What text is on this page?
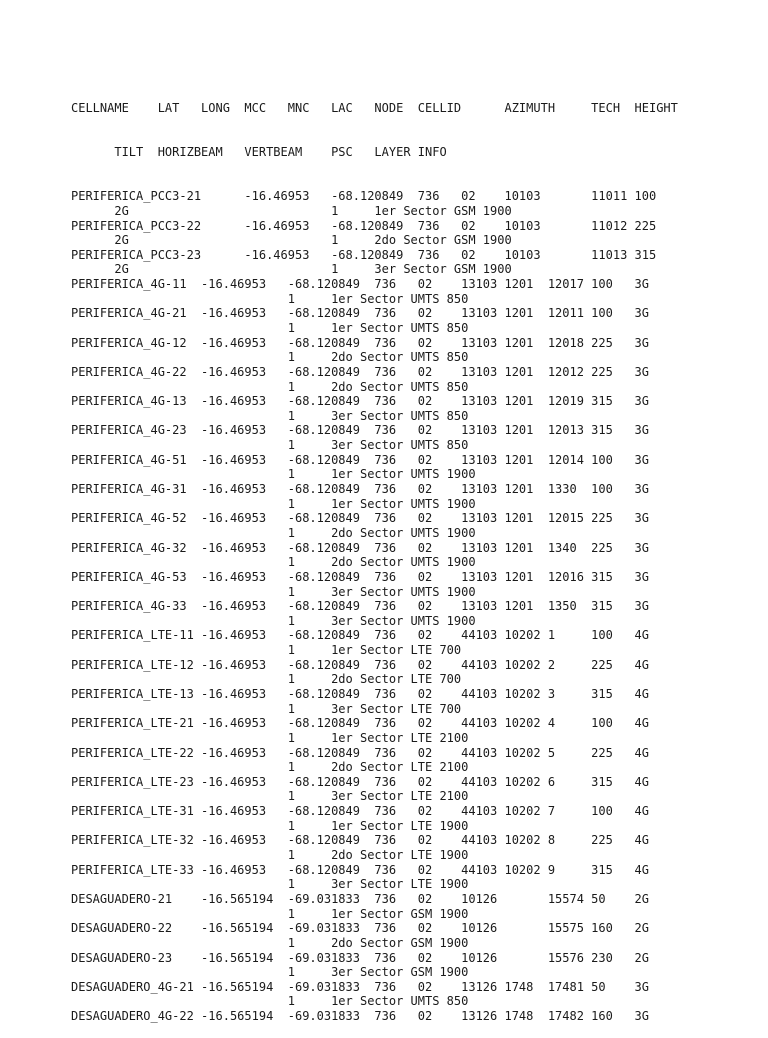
CELLNAME    LAT   LONG  MCC   MNC   LAC   NODE  CELLID      AZIMUTH     TECH  HEIGHT

TILT  HORIZBEAM   VERTBEAM    PSC   LAYER INFO

PERIFERICA_PCC3-21      -16.46953   -68.120849  736   02    10103       11011 100
2G                            1     1er Sector GSM 1900
PERIFERICA_PCC3-22      -16.46953   -68.120849  736   02    10103       11012 225
2G                            1     2do Sector GSM 1900
PERIFERICA_PCC3-23      -16.46953   -68.120849  736   02    10103       11013 315
2G                            1     3er Sector GSM 1900
PERIFERICA_4G-11  -16.46953   -68.120849  736   02    13103 1201  12017 100   3G
1     1er Sector UMTS 850
PERIFERICA_4G-21  -16.46953   -68.120849  736   02    13103 1201  12011 100   3G
1     1er Sector UMTS 850
PERIFERICA_4G-12  -16.46953   -68.120849  736   02    13103 1201  12018 225   3G
1     2do Sector UMTS 850
PERIFERICA_4G-22  -16.46953   -68.120849  736   02    13103 1201  12012 225   3G
1     2do Sector UMTS 850
PERIFERICA_4G-13  -16.46953   -68.120849  736   02    13103 1201  12019 315   3G
1     3er Sector UMTS 850
PERIFERICA_4G-23  -16.46953   -68.120849  736   02    13103 1201  12013 315   3G
1     3er Sector UMTS 850
PERIFERICA_4G-51  -16.46953   -68.120849  736   02    13103 1201  12014 100   3G
1     1er Sector UMTS 1900
PERIFERICA_4G-31  -16.46953   -68.120849  736   02    13103 1201  1330  100   3G
1     1er Sector UMTS 1900
PERIFERICA_4G-52  -16.46953   -68.120849  736   02    13103 1201  12015 225   3G
1     2do Sector UMTS 1900
PERIFERICA_4G-32  -16.46953   -68.120849  736   02    13103 1201  1340  225   3G
1     2do Sector UMTS 1900
PERIFERICA_4G-53  -16.46953   -68.120849  736   02    13103 1201  12016 315   3G
1     3er Sector UMTS 1900
PERIFERICA_4G-33  -16.46953   -68.120849  736   02    13103 1201  1350  315   3G
1     3er Sector UMTS 1900
PERIFERICA_LTE-11 -16.46953   -68.120849  736   02    44103 10202 1     100   4G
1     1er Sector LTE 700
PERIFERICA_LTE-12 -16.46953   -68.120849  736   02    44103 10202 2     225   4G
1     2do Sector LTE 700
PERIFERICA_LTE-13 -16.46953   -68.120849  736   02    44103 10202 3     315   4G
1     3er Sector LTE 700
PERIFERICA_LTE-21 -16.46953   -68.120849  736   02    44103 10202 4     100   4G
1     1er Sector LTE 2100
PERIFERICA_LTE-22 -16.46953   -68.120849  736   02    44103 10202 5     225   4G
1     2do Sector LTE 2100
PERIFERICA_LTE-23 -16.46953   -68.120849  736   02    44103 10202 6     315   4G
1     3er Sector LTE 2100
PERIFERICA_LTE-31 -16.46953   -68.120849  736   02    44103 10202 7     100   4G
1     1er Sector LTE 1900
PERIFERICA_LTE-32 -16.46953   -68.120849  736   02    44103 10202 8     225   4G
1     2do Sector LTE 1900
PERIFERICA_LTE-33 -16.46953   -68.120849  736   02    44103 10202 9     315   4G
1     3er Sector LTE 1900
DESAGUADERO-21    -16.565194  -69.031833  736   02    10126       15574 50    2G
1     1er Sector GSM 1900
DESAGUADERO-22    -16.565194  -69.031833  736   02    10126       15575 160   2G
1     2do Sector GSM 1900
DESAGUADERO-23    -16.565194  -69.031833  736   02    10126       15576 230   2G
1     3er Sector GSM 1900
DESAGUADERO_4G-21 -16.565194  -69.031833  736   02    13126 1748  17481 50    3G
1     1er Sector UMTS 850
DESAGUADERO_4G-22 -16.565194  -69.031833  736   02    13126 1748  17482 160   3G
